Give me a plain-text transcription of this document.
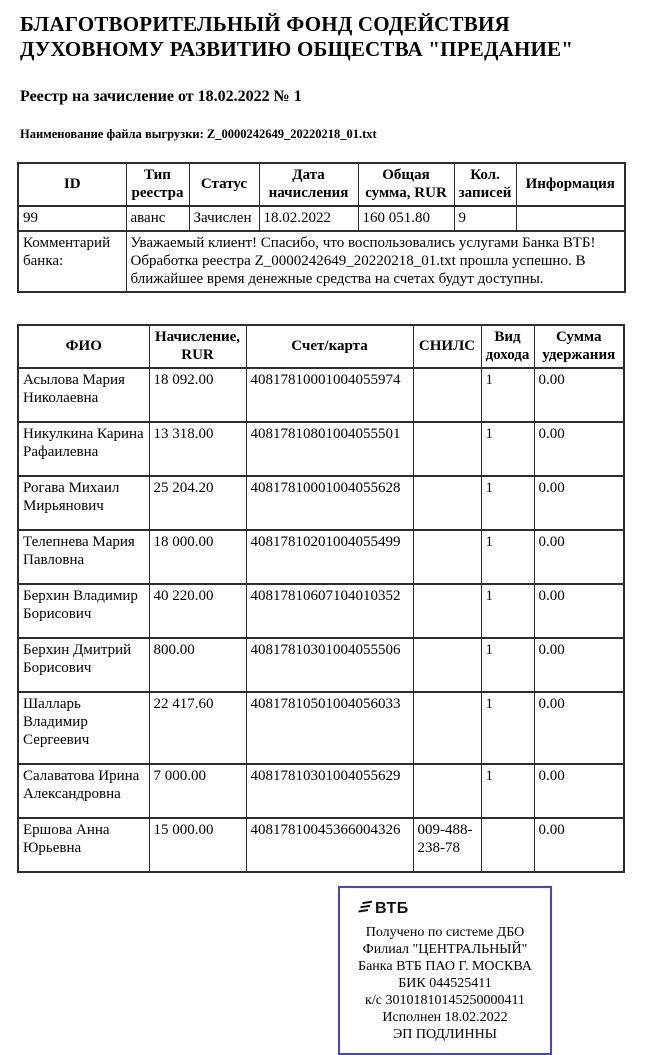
БЛАГОТВОРИТЕЛЬНЫЙ ФОНД СОДЕЙСТВИЯ
ДУХОВНОМУ РАЗВИТИЮ ОБЩЕСТВА "ПРЕДАНИЕ"
Реестр на зачисление от 18.02.2022 № 1
Наименование файла выгрузки: Z_0000242649_20220218_01.txt
ID	Тип реестра	Статус	Дата начисления	Общая сумма, RUR	Кол. записей	Информация
99	аванс	Зачислен	18.02.2022	160 051.80	9	
Комментарий банка:	Уважаемый клиент! Спасибо, что воспользовались услугами Банка ВТБ! Обработка реестра Z_0000242649_20220218_01.txt прошла успешно. В ближайшее время денежные средства на счетах будут доступны.					
ФИО	Начисление, RUR	Счет/карта	СНИЛС	Вид дохода	Сумма удержания
Асылова Мария Николаевна	18 092.00	40817810001004055974		1	0.00
Никулкина Карина Рафаилевна	13 318.00	40817810801004055501		1	0.00
Рогава Михаил Мирьянович	25 204.20	40817810001004055628		1	0.00
Телепнева Мария Павловна	18 000.00	40817810201004055499		1	0.00
Берхин Владимир Борисович	40 220.00	40817810607104010352		1	0.00
Берхин Дмитрий Борисович	800.00	40817810301004055506		1	0.00
Шалларь Владимир Сергеевич	22 417.60	40817810501004056033		1	0.00
Салаватова Ирина Александровна	7 000.00	40817810301004055629		1	0.00
Ершова Анна Юрьевна	15 000.00	40817810045366004326	009-488-238-78		0.00
ВТБ
Получено по системе ДБО
Филиал "ЦЕНТРАЛЬНЫЙ"
Банка ВТБ ПАО Г. МОСКВА
БИК 044525411
к/с 30101810145250000411
Исполнен 18.02.2022
ЭП ПОДЛИННЫ
